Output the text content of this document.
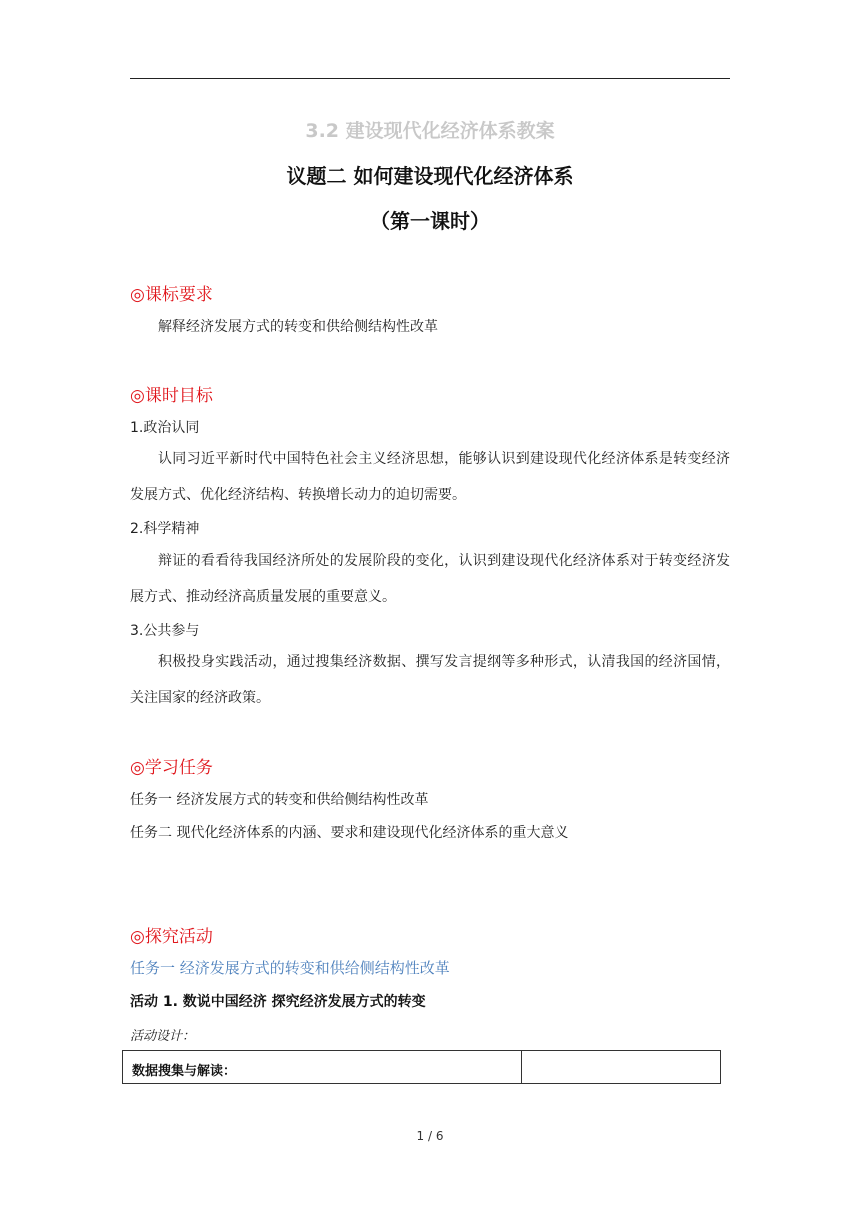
3.2 建设现代化经济体系教案
议题二 如何建设现代化经济体系
（第一课时）
◎课标要求
解释经济发展方式的转变和供给侧结构性改革
◎课时目标
1.政治认同
认同习近平新时代中国特色社会主义经济思想，能够认识到建设现代化经济体系是转变经济发展方式、优化经济结构、转换增长动力的迫切需要。
2.科学精神
辩证的看看待我国经济所处的发展阶段的变化，认识到建设现代化经济体系对于转变经济发展方式、推动经济高质量发展的重要意义。
3.公共参与
积极投身实践活动，通过搜集经济数据、撰写发言提纲等多种形式，认清我国的经济国情，关注国家的经济政策。
◎学习任务
任务一 经济发展方式的转变和供给侧结构性改革
任务二 现代化经济体系的内涵、要求和建设现代化经济体系的重大意义
◎探究活动
任务一 经济发展方式的转变和供给侧结构性改革
活动 1. 数说中国经济 探究经济发展方式的转变
活动设计：
数据搜集与解读：
1 / 6
